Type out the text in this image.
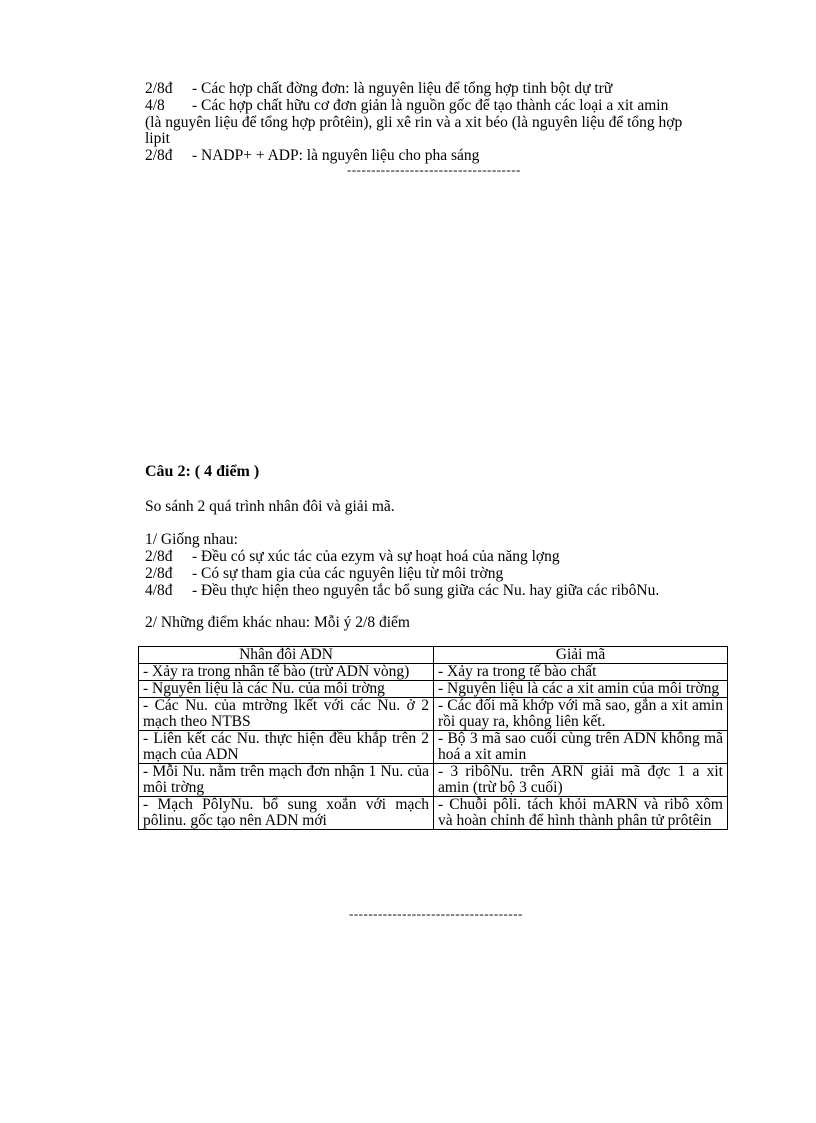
2/8đ - Các hợp chất đờng đơn: là nguyên liệu để tổng hợp tinh bột dự trữ
4/8 - Các hợp chất hữu cơ đơn giản là nguồn gốc để tạo thành các loại a xit amin
(là nguyên liệu để tổng hợp prôtêin), gli xê rin và a xit béo (là nguyên liệu để tổng hợp
lipit
2/8đ - NADP+ + ADP: là nguyên liệu cho pha sáng
------------------------------------
Câu 2: ( 4 điểm )
So sánh 2 quá trình nhân đôi và giải mã.
1/ Giống nhau:
2/8đ - Đều có sự xúc tác của ezym và sự hoạt hoá của năng lợng
2/8đ - Có sự tham gia của các nguyên liệu từ môi trờng
4/8đ - Đều thực hiện theo nguyên tắc bổ sung giữa các Nu. hay giữa các ribôNu.
2/ Những điểm khác nhau: Mỗi ý 2/8 điểm
Nhân đôi ADN	Giải mã
- Xảy ra trong nhân tế bào (trừ ADN vòng)	- Xảy ra trong tế bào chất
- Nguyên liệu là các Nu. của môi trờng	- Nguyên liệu là các a xit amin của môi trờng
- Các Nu. của mtrờng lkết với các Nu. ở 2 mạch theo NTBS	- Các đối mã khớp với mã sao, gắn a xit amin rồi quay ra, không liên kết.
- Liên kết các Nu. thực hiện đều khắp trên 2 mạch của ADN	- Bộ 3 mã sao cuối cùng trên ADN không mã hoá a xit amin
- Mỗi Nu. nằm trên mạch đơn nhận 1 Nu. của môi trờng	- 3 ribôNu. trên ARN giải mã đợc 1 a xit amin (trừ bộ 3 cuối)
- Mạch PôlyNu. bổ sung xoắn với mạch pôlinu. gốc tạo nên ADN mới	- Chuỗi pôli. tách khỏi mARN và ribô xôm và hoàn chỉnh để hình thành phân tử prôtêin
------------------------------------
